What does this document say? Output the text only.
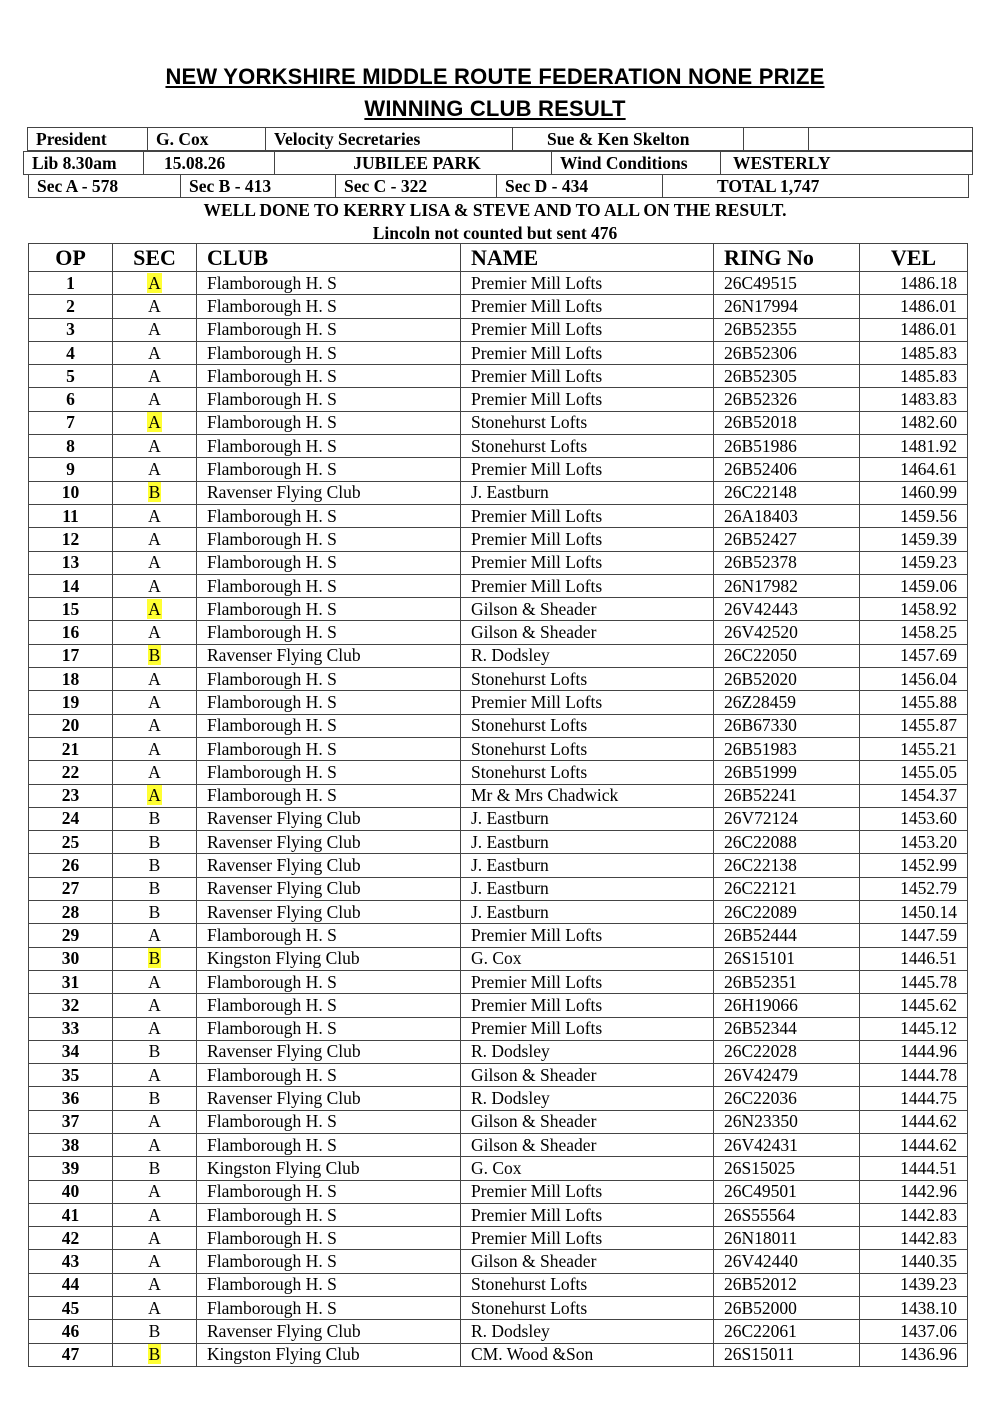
NEW YORKSHIRE MIDDLE ROUTE FEDERATION NONE PRIZE
WINNING CLUB RESULT
President	G. Cox	Velocity Secretaries	Sue & Ken Skelton		
Lib 8.30am	15.08.26	JUBILEE PARK	Wind Conditions	WESTERLY
Sec A - 578	Sec B - 413	Sec C - 322	Sec D - 434	TOTAL 1,747
WELL DONE TO KERRY LISA & STEVE AND TO ALL ON THE RESULT.
Lincoln not counted but sent 476
OP	SEC	CLUB	NAME	RING No	VEL
1	A	Flamborough H. S	Premier Mill Lofts	26C49515	1486.18
2	A	Flamborough H. S	Premier Mill Lofts	26N17994	1486.01
3	A	Flamborough H. S	Premier Mill Lofts	26B52355	1486.01
4	A	Flamborough H. S	Premier Mill Lofts	26B52306	1485.83
5	A	Flamborough H. S	Premier Mill Lofts	26B52305	1485.83
6	A	Flamborough H. S	Premier Mill Lofts	26B52326	1483.83
7	A	Flamborough H. S	Stonehurst Lofts	26B52018	1482.60
8	A	Flamborough H. S	Stonehurst Lofts	26B51986	1481.92
9	A	Flamborough H. S	Premier Mill Lofts	26B52406	1464.61
10	B	Ravenser Flying Club	J. Eastburn	26C22148	1460.99
11	A	Flamborough H. S	Premier Mill Lofts	26A18403	1459.56
12	A	Flamborough H. S	Premier Mill Lofts	26B52427	1459.39
13	A	Flamborough H. S	Premier Mill Lofts	26B52378	1459.23
14	A	Flamborough H. S	Premier Mill Lofts	26N17982	1459.06
15	A	Flamborough H. S	Gilson & Sheader	26V42443	1458.92
16	A	Flamborough H. S	Gilson & Sheader	26V42520	1458.25
17	B	Ravenser Flying Club	R. Dodsley	26C22050	1457.69
18	A	Flamborough H. S	Stonehurst Lofts	26B52020	1456.04
19	A	Flamborough H. S	Premier Mill Lofts	26Z28459	1455.88
20	A	Flamborough H. S	Stonehurst Lofts	26B67330	1455.87
21	A	Flamborough H. S	Stonehurst Lofts	26B51983	1455.21
22	A	Flamborough H. S	Stonehurst Lofts	26B51999	1455.05
23	A	Flamborough H. S	Mr & Mrs Chadwick	26B52241	1454.37
24	B	Ravenser Flying Club	J. Eastburn	26V72124	1453.60
25	B	Ravenser Flying Club	J. Eastburn	26C22088	1453.20
26	B	Ravenser Flying Club	J. Eastburn	26C22138	1452.99
27	B	Ravenser Flying Club	J. Eastburn	26C22121	1452.79
28	B	Ravenser Flying Club	J. Eastburn	26C22089	1450.14
29	A	Flamborough H. S	Premier Mill Lofts	26B52444	1447.59
30	B	Kingston Flying Club	G. Cox	26S15101	1446.51
31	A	Flamborough H. S	Premier Mill Lofts	26B52351	1445.78
32	A	Flamborough H. S	Premier Mill Lofts	26H19066	1445.62
33	A	Flamborough H. S	Premier Mill Lofts	26B52344	1445.12
34	B	Ravenser Flying Club	R. Dodsley	26C22028	1444.96
35	A	Flamborough H. S	Gilson & Sheader	26V42479	1444.78
36	B	Ravenser Flying Club	R. Dodsley	26C22036	1444.75
37	A	Flamborough H. S	Gilson & Sheader	26N23350	1444.62
38	A	Flamborough H. S	Gilson & Sheader	26V42431	1444.62
39	B	Kingston Flying Club	G. Cox	26S15025	1444.51
40	A	Flamborough H. S	Premier Mill Lofts	26C49501	1442.96
41	A	Flamborough H. S	Premier Mill Lofts	26S55564	1442.83
42	A	Flamborough H. S	Premier Mill Lofts	26N18011	1442.83
43	A	Flamborough H. S	Gilson & Sheader	26V42440	1440.35
44	A	Flamborough H. S	Stonehurst Lofts	26B52012	1439.23
45	A	Flamborough H. S	Stonehurst Lofts	26B52000	1438.10
46	B	Ravenser Flying Club	R. Dodsley	26C22061	1437.06
47	B	Kingston Flying Club	CM. Wood &Son	26S15011	1436.96
